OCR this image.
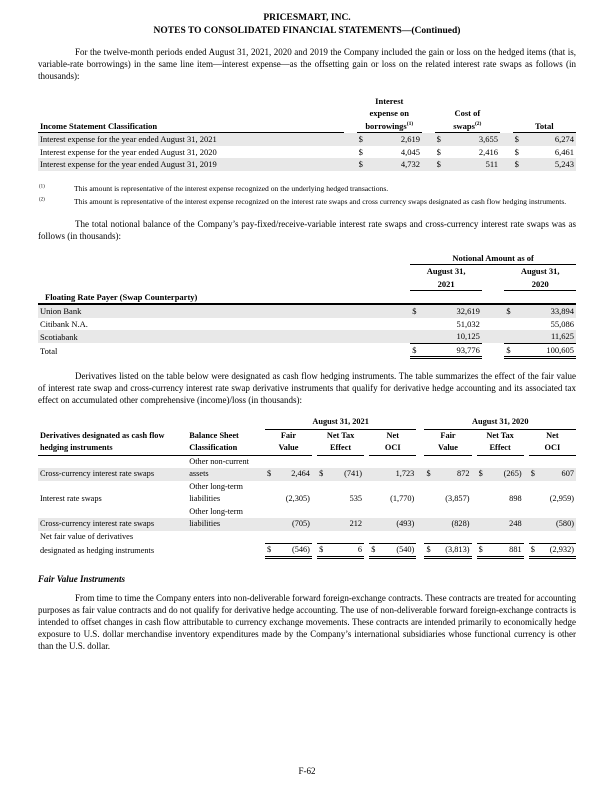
PRICESMART, INC.
NOTES TO CONSOLIDATED FINANCIAL STATEMENTS—(Continued)

For the twelve-month periods ended August 31, 2021, 2020 and 2019 the Company included the gain or loss on the hedged items (that is, variable-rate borrowings) in the same line item—interest expense—as the offsetting gain or loss on the related interest rate swaps as follows (in thousands):

Income Statement Classification		Interest
expense on
borrowings$^{(1)}$			Cost of
swaps$^{(2)}$			Total	
Interest expense for the year ended August 31, 2021		$	2,619		$	3,655		$	6,274
Interest expense for the year ended August 31, 2020		$	4,045		$	2,416		$	6,461
Interest expense for the year ended August 31, 2019		$	4,732		$	511		$	5,243
$^{(1)}$	This amount is representative of the interest expense recognized on the underlying hedged transactions.
$^{(2)}$	This amount is representative of the interest expense recognized on the interest rate swaps and cross currency swaps designated as cash flow hedging instruments.

The total notional balance of the Company’s pay-fixed/receive-variable interest rate swaps and cross-currency interest rate swaps was as follows (in thousands):

		Notional Amount as of				
		August 31,
2021			August 31,
2020	
Floating Rate Payer (Swap Counterparty)						
Union Bank		$	32,619		$	33,894
Citibank N.A.			51,032			55,086
Scotiabank			10,125			11,625
Total		$	93,776		$	100,605

Derivatives listed on the table below were designated as cash flow hedging instruments. The table summarizes the effect of the fair value of interest rate swap and cross-currency interest rate swap derivative instruments that qualify for derivative hedge accounting and its associated tax effect on accumulated other comprehensive (income)/loss (in thousands):

				August 31, 2021									August 31, 2020							
Derivatives designated as cash flow
hedging instruments		Balance Sheet
Classification		Fair
Value			Net Tax
Effect			Net
OCI			Fair
Value			Net Tax
Effect			Net
OCI	
		Other non-current																		
Cross-currency interest rate swaps		assets		$	2,464		$	(741)			1,723		$	872		$	(265)		$	607
		Other long-term																		
Interest rate swaps		liabilities			(2,305)			535			(1,770)			(3,857)			898			(2,959)
		Other long-term																		
Cross-currency interest rate swaps		liabilities			(705)			212			(493)			(828)			248			(580)
Net fair value of derivatives																				
designated as hedging instruments				$	(546)		$	6		$	(540)		$	(3,813)		$	881		$	(2,932)
Fair Value Instruments

From time to time the Company enters into non-deliverable forward foreign-exchange contracts. These contracts are treated for accounting purposes as fair value contracts and do not qualify for derivative hedge accounting. The use of non-deliverable forward foreign-exchange contracts is intended to offset changes in cash flow attributable to currency exchange movements. These contracts are intended primarily to economically hedge exposure to U.S. dollar merchandise inventory expenditures made by the Company’s international subsidiaries whose functional currency is other than the U.S. dollar.

F-62
